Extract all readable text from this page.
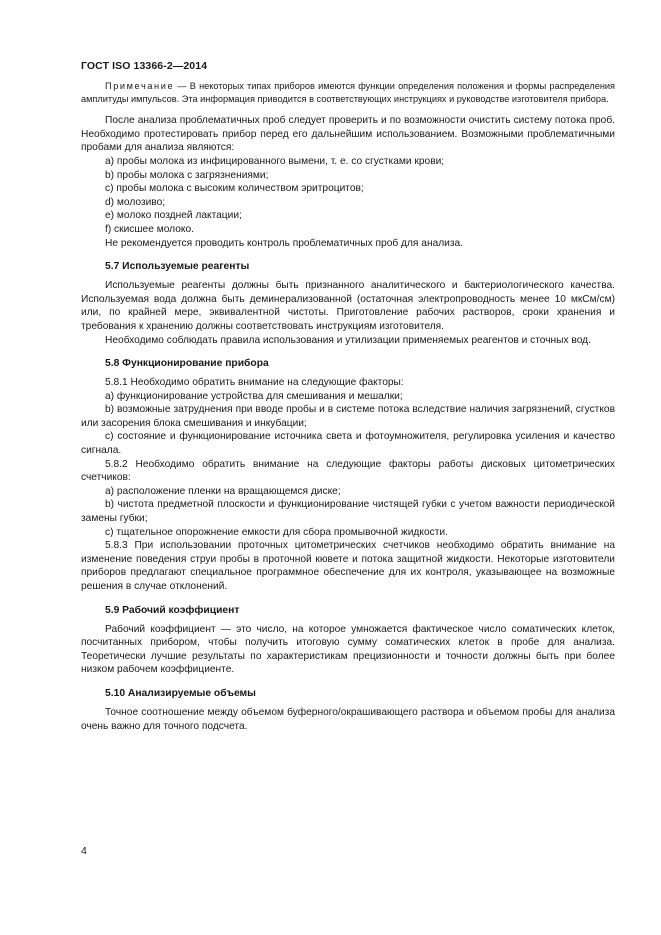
ГОСТ ISO 13366-2—2014

Примечание — В некоторых типах приборов имеются функции определения положения и формы распределения амплитуды импульсов. Эта информация приводится в соответствующих инструкциях и руководстве изготовителя прибора.

После анализа проблематичных проб следует проверить и по возможности очистить систему потока проб. Необходимо протестировать прибор перед его дальнейшим использованием. Возможными проблематичными пробами для анализа являются:

a) пробы молока из инфицированного вымени, т. е. со сгустками крови;

b) пробы молока с загрязнениями;

c) пробы молока с высоким количеством эритроцитов;

d) молозиво;

e) молоко поздней лактации;

f) скисшее молоко.

Не рекомендуется проводить контроль проблематичных проб для анализа.

5.7 Используемые реагенты

Используемые реагенты должны быть признанного аналитического и бактериологического качества. Используемая вода должна быть деминерализованной (остаточная электропроводность менее 10 мкСм/см) или, по крайней мере, эквивалентной чистоты. Приготовление рабочих растворов, сроки хранения и требования к хранению должны соответствовать инструкциям изготовителя.

Необходимо соблюдать правила использования и утилизации применяемых реагентов и сточных вод.

5.8 Функционирование прибора

5.8.1 Необходимо обратить внимание на следующие факторы:

a) функционирование устройства для смешивания и мешалки;

b) возможные затруднения при вводе пробы и в системе потока вследствие наличия загрязнений, сгустков или засорения блока смешивания и инкубации;

c) состояние и функционирование источника света и фотоумножителя, регулировка усиления и качество сигнала.

5.8.2 Необходимо обратить внимание на следующие факторы работы дисковых цитометрических счетчиков:

a) расположение пленки на вращающемся диске;

b) чистота предметной плоскости и функционирование чистящей губки с учетом важности периодической замены губки;

c) тщательное опорожнение емкости для сбора промывочной жидкости.

5.8.3 При использовании проточных цитометрических счетчиков необходимо обратить внимание на изменение поведения струи пробы в проточной кювете и потока защитной жидкости. Некоторые изготовители приборов предлагают специальное программное обеспечение для их контроля, указывающее на возможные решения в случае отклонений.

5.9 Рабочий коэффициент

Рабочий коэффициент — это число, на которое умножается фактическое число соматических клеток, посчитанных прибором, чтобы получить итоговую сумму соматических клеток в пробе для анализа. Теоретически лучшие результаты по характеристикам прецизионности и точности должны быть при более низком рабочем коэффициенте.

5.10 Анализируемые объемы

Точное соотношение между объемом буферного/окрашивающего раствора и объемом пробы для анализа очень важно для точного подсчета.

4
